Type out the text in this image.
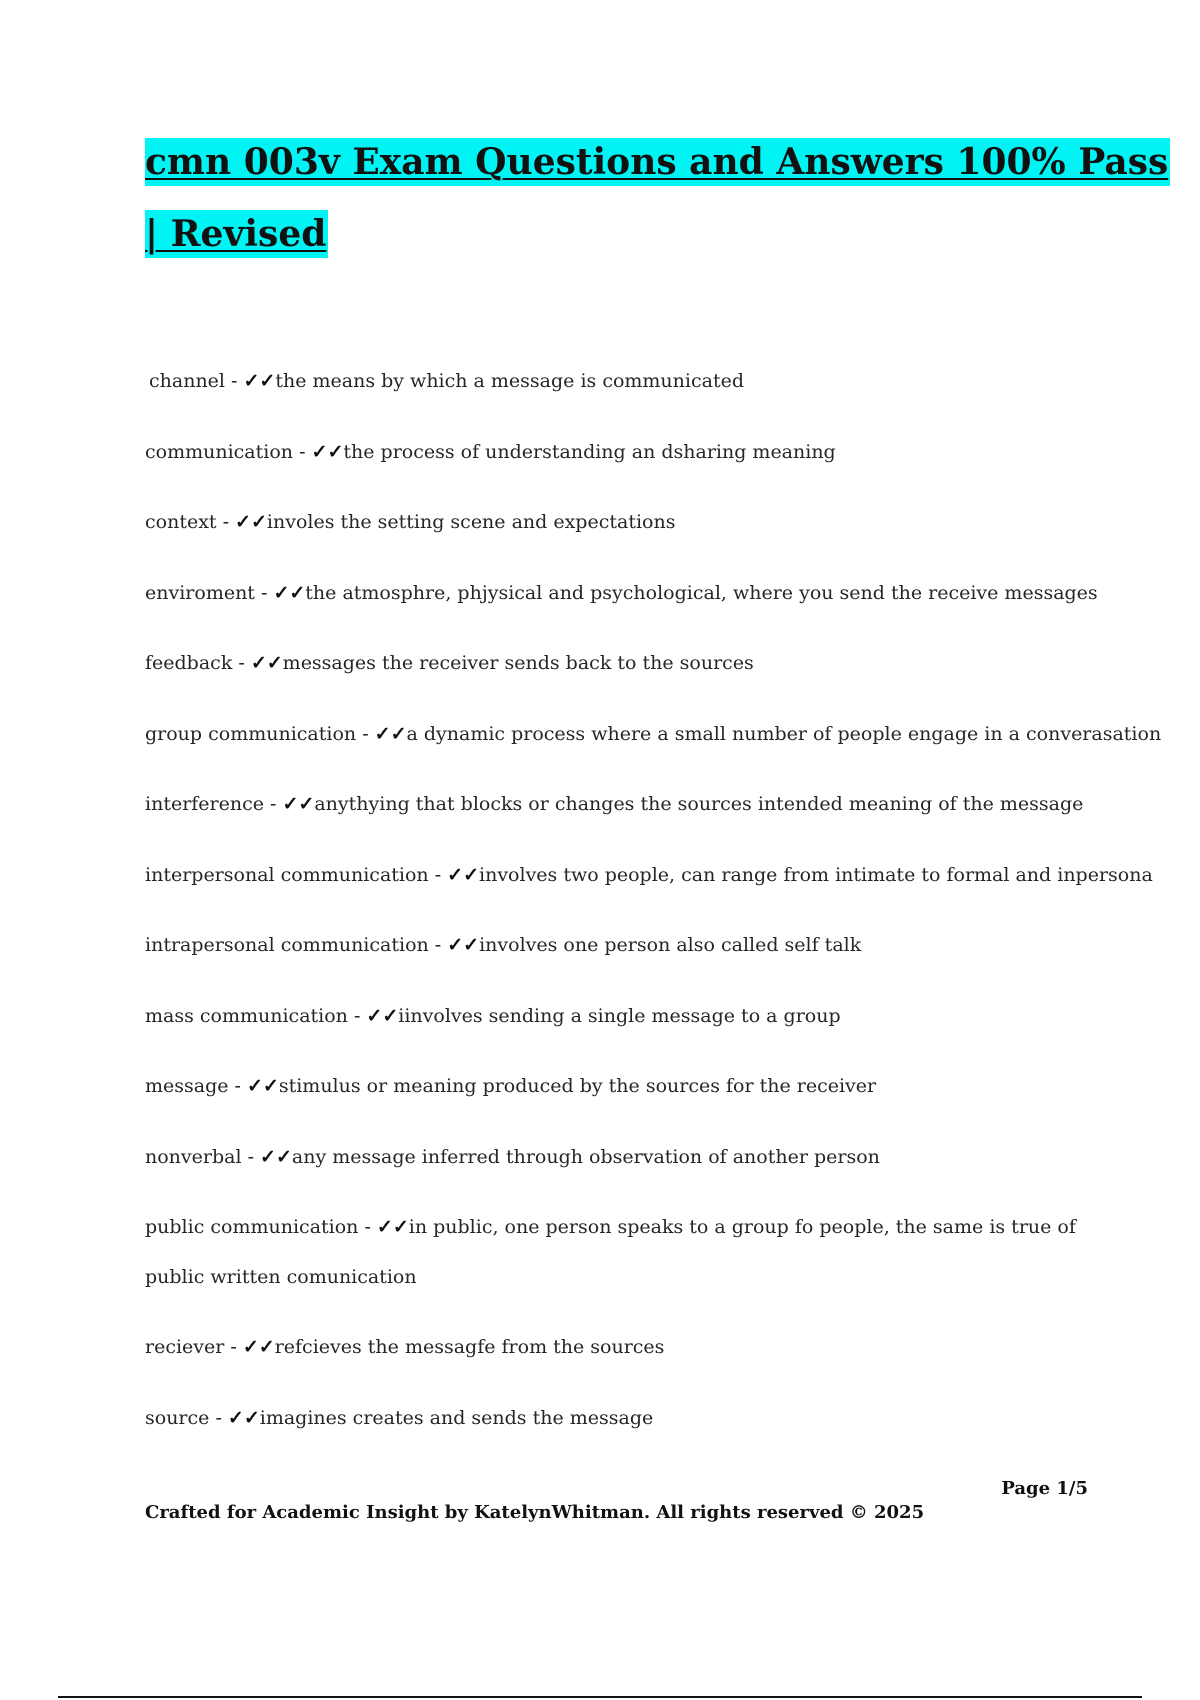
cmn 003v Exam Questions and Answers 100% Pass
| Revised
channel - ✓✓the means by which a message is communicated
communication - ✓✓the process of understanding an dsharing meaning
context - ✓✓involes the setting scene and expectations
enviroment - ✓✓the atmosphre, phjysical and psychological, where you send the receive messages
feedback - ✓✓messages the receiver sends back to the sources
group communication - ✓✓a dynamic process where a small number of people engage in a converasation
interference - ✓✓anythying that blocks or changes the sources intended meaning of the message
interpersonal communication - ✓✓involves two people, can range from intimate to formal and inpersona
intrapersonal communication - ✓✓involves one person also called self talk
mass communication - ✓✓iinvolves sending a single message to a group
message - ✓✓stimulus or meaning produced by the sources for the receiver
nonverbal - ✓✓any message inferred through observation of another person
public communication - ✓✓in public, one person speaks to a group fo people, the same is true of public written comunication
reciever - ✓✓refcieves the messagfe from the sources
source - ✓✓imagines creates and sends the message
Page 1/5
Crafted for Academic Insight by KatelynWhitman. All rights reserved © 2025
